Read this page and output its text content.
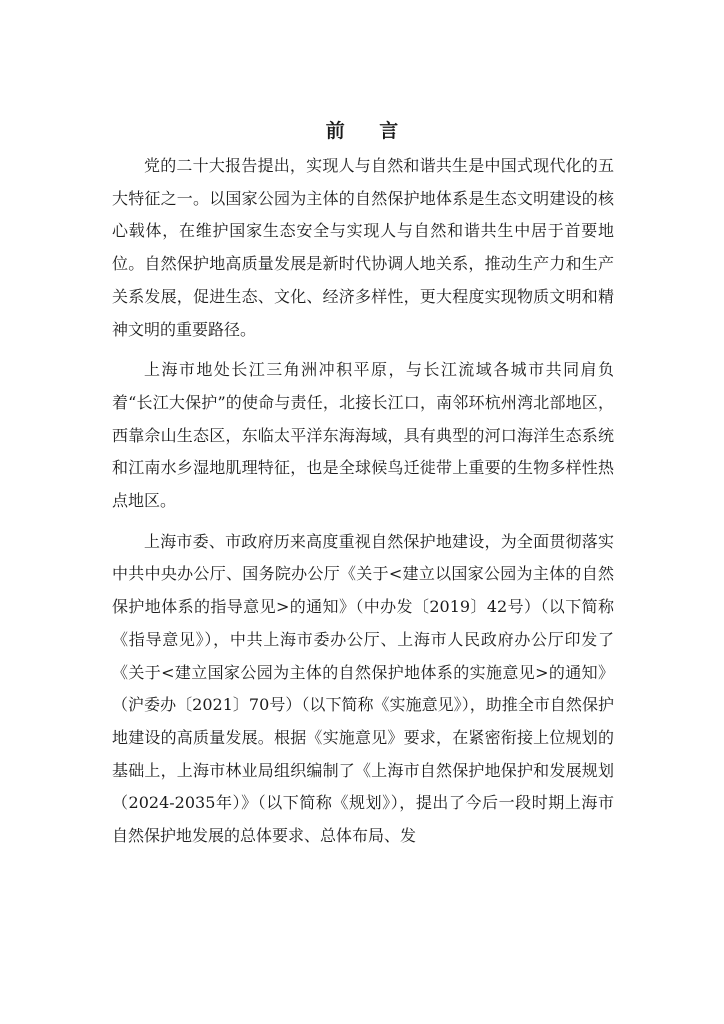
前 言

党的二十大报告提出，实现人与自然和谐共生是中国式现代化的五大特征之一。以国家公园为主体的自然保护地体系是生态文明建设的核心载体，在维护国家生态安全与实现人与自然和谐共生中居于首要地位。自然保护地高质量发展是新时代协调人地关系，推动生产力和生产关系发展，促进生态、文化、经济多样性，更大程度实现物质文明和精神文明的重要路径。

上海市地处长江三角洲冲积平原，与长江流域各城市共同肩负着“长江大保护”的使命与责任，北接长江口，南邻环杭州湾北部地区，西靠佘山生态区，东临太平洋东海海域，具有典型的河口海洋生态系统和江南水乡湿地肌理特征，也是全球候鸟迁徙带上重要的生物多样性热点地区。

上海市委、市政府历来高度重视自然保护地建设，为全面贯彻落实中共中央办公厅、国务院办公厅《关于<建立以国家公园为主体的自然保护地体系的指导意见>的通知》（中办发〔2019〕42号）（以下简称《指导意见》），中共上海市委办公厅、上海市人民政府办公厅印发了《关于<建立国家公园为主体的自然保护地体系的实施意见>的通知》（沪委办〔2021〕70号）（以下简称《实施意见》），助推全市自然保护地建设的高质量发展。根据《实施意见》要求，在紧密衔接上位规划的基础上，上海市林业局组织编制了《上海市自然保护地保护和发展规划（2024-2035年）》（以下简称《规划》），提出了今后一段时期上海市自然保护地发展的总体要求、总体布局、发
